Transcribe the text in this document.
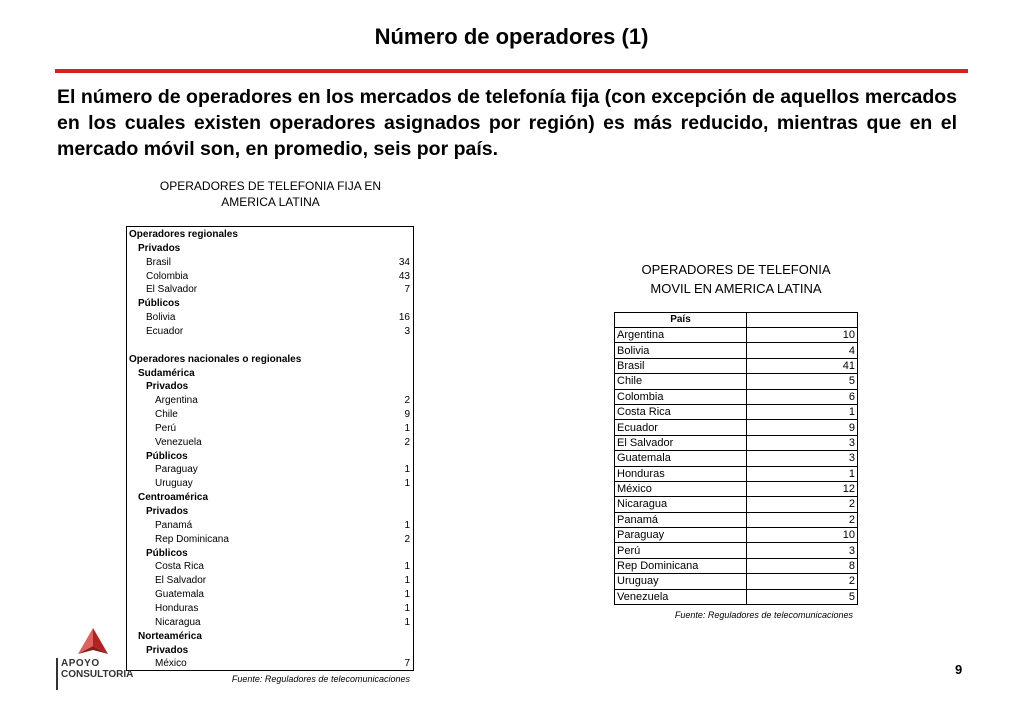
Número de operadores (1)
El número de operadores en los mercados de telefonía fija (con excepción de aquellos mercados en los cuales existen operadores asignados por región) es más reducido, mientras que en el mercado móvil son, en promedio, seis por país.
OPERADORES DE TELEFONIA FIJA EN
AMERICA LATINA
Operadores regionales
Privados
Brasil	34
Colombia	43
El Salvador	7
Públicos
Bolivia	16
Ecuador	3
Operadores nacionales o regionales
Sudamérica
Privados
Argentina	2
Chile	9
Perú	1
Venezuela	2
Públicos
Paraguay	1
Uruguay	1
Centroamérica
Privados
Panamá	1
Rep Dominicana	2
Públicos
Costa Rica	1
El Salvador	1
Guatemala	1
Honduras	1
Nicaragua	1
Norteamérica
Privados
México	7
Fuente: Reguladores de telecomunicaciones
OPERADORES DE TELEFONIA
MOVIL EN AMERICA LATINA
País	
Argentina	10
Bolivia	4
Brasil	41
Chile	5
Colombia	6
Costa Rica	1
Ecuador	9
El Salvador	3
Guatemala	3
Honduras	1
México	12
Nicaragua	2
Panamá	2
Paraguay	10
Perú	3
Rep Dominicana	8
Uruguay	2
Venezuela	5
Fuente: Reguladores de telecomunicaciones
APOYO
CONSULTORIA	9
